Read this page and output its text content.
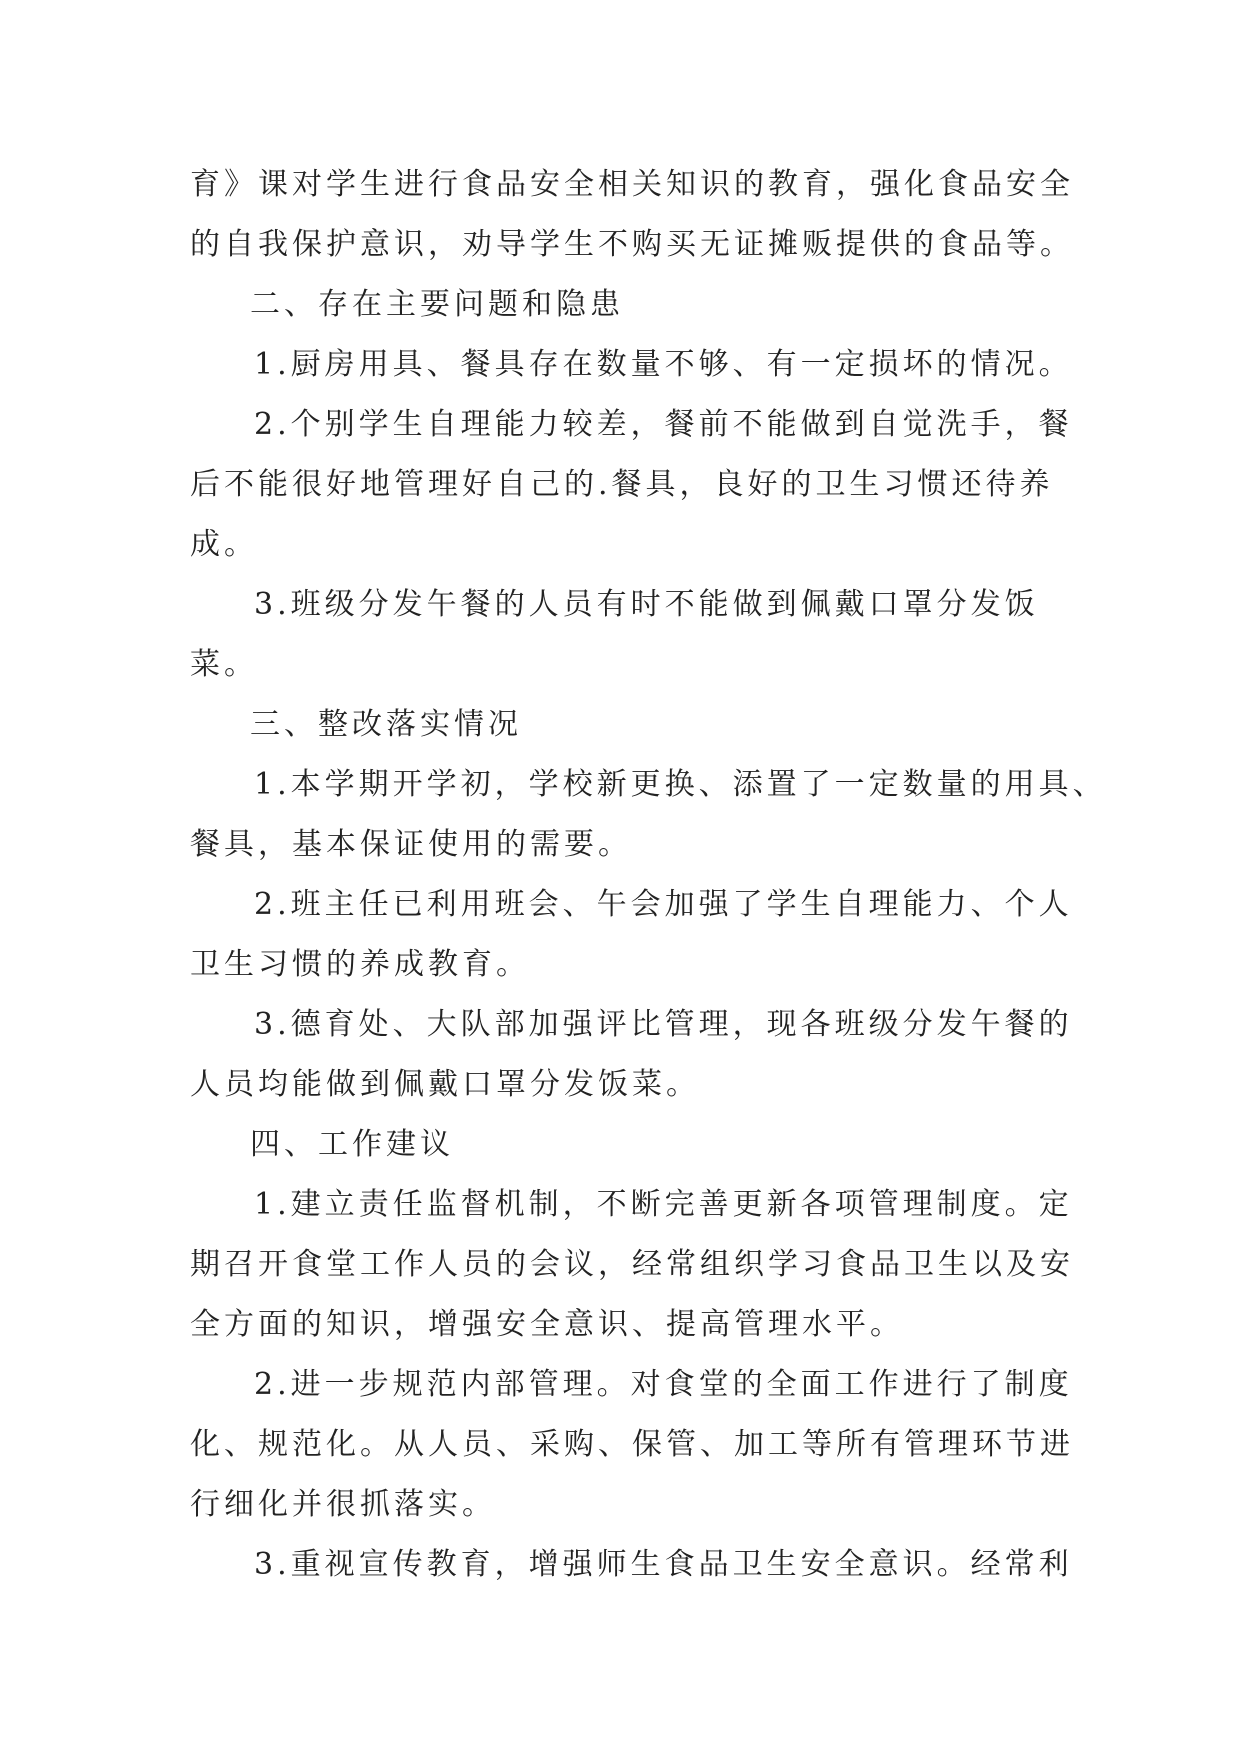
育》课对学生进行食品安全相关知识的教育，强化食品安全
的自我保护意识，劝导学生不购买无证摊贩提供的食品等。
二、存在主要问题和隐患
1.厨房用具、餐具存在数量不够、有一定损坏的情况。
2.个别学生自理能力较差，餐前不能做到自觉洗手，餐
后不能很好地管理好自己的.餐具，良好的卫生习惯还待养
成。
3.班级分发午餐的人员有时不能做到佩戴口罩分发饭
菜。
三、整改落实情况
1.本学期开学初，学校新更换、添置了一定数量的用具、
餐具，基本保证使用的需要。
2.班主任已利用班会、午会加强了学生自理能力、个人
卫生习惯的养成教育。
3.德育处、大队部加强评比管理，现各班级分发午餐的
人员均能做到佩戴口罩分发饭菜。
四、工作建议
1.建立责任监督机制，不断完善更新各项管理制度。定
期召开食堂工作人员的会议，经常组织学习食品卫生以及安
全方面的知识，增强安全意识、提高管理水平。
2.进一步规范内部管理。对食堂的全面工作进行了制度
化、规范化。从人员、采购、保管、加工等所有管理环节进
行细化并很抓落实。
3.重视宣传教育，增强师生食品卫生安全意识。经常利
